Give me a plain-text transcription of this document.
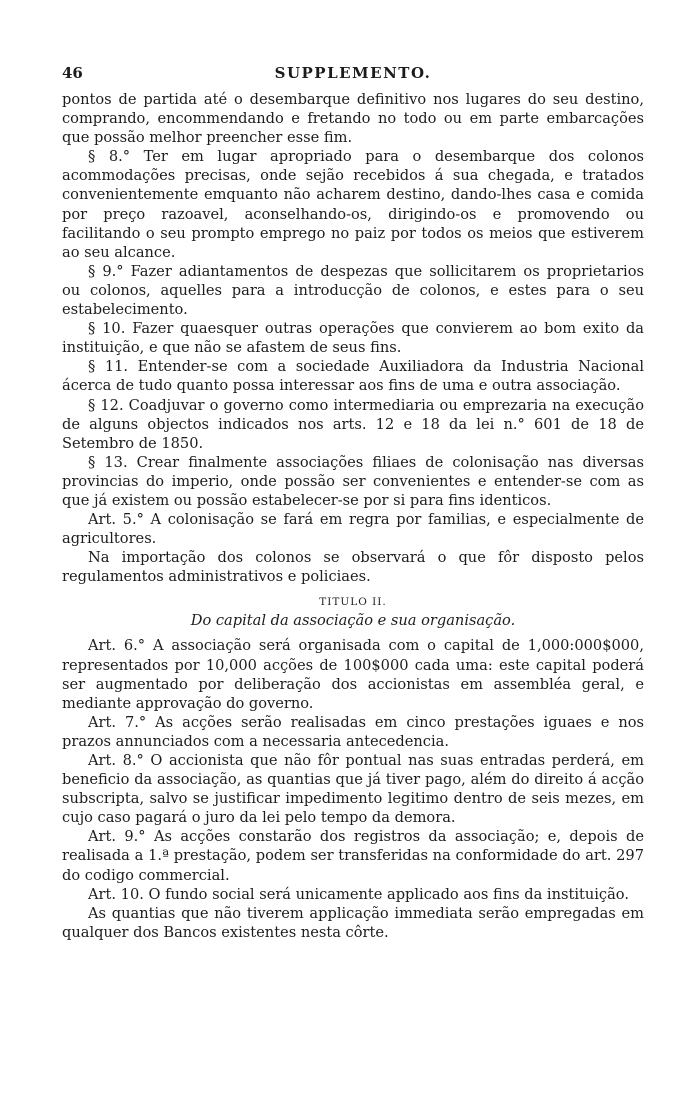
46	SUPPLEMENTO.

pontos de partida até o desembarque definitivo nos lugares do seu destino, comprando, encommendando e fretando no todo ou em parte embarcações que possão melhor preencher esse fim.

§ 8.° Ter em lugar apropriado para o desembarque dos colonos acommodações precisas, onde sejão recebidos á sua chegada, e tratados convenientemente emquanto não acharem destino, dando-lhes casa e comida por preço razoavel, aconselhando-os, dirigindo-os e promovendo ou facilitando o seu prompto emprego no paiz por todos os meios que estiverem ao seu alcance.

§ 9.° Fazer adiantamentos de despezas que sollicitarem os proprietarios ou colonos, aquelles para a introducção de colonos, e estes para o seu estabelecimento.

§ 10. Fazer quaesquer outras operações que convierem ao bom exito da instituição, e que não se afastem de seus fins.

§ 11. Entender-se com a sociedade Auxiliadora da Industria Nacional ácerca de tudo quanto possa interessar aos fins de uma e outra associação.

§ 12. Coadjuvar o governo como intermediaria ou emprezaria na execução de alguns objectos indicados nos arts. 12 e 18 da lei n.° 601 de 18 de Setembro de 1850.

§ 13. Crear finalmente associações filiaes de colonisação nas diversas provincias do imperio, onde possão ser convenientes e entender-se com as que já existem ou possão estabelecer-se por si para fins identicos.

Art. 5.° A colonisação se fará em regra por familias, e especialmente de agricultores.

Na importação dos colonos se observará o que fôr disposto pelos regulamentos administrativos e policiaes.

TITULO II.
Do capital da associação e sua organisação.

Art. 6.° A associação será organisada com o capital de 1,000:000$000, representados por 10,000 acções de 100$000 cada uma: este capital poderá ser augmentado por deliberação dos accionistas em assembléa geral, e mediante approvação do governo.

Art. 7.° As acções serão realisadas em cinco prestações iguaes e nos prazos annunciados com a necessaria antecedencia.

Art. 8.° O accionista que não fôr pontual nas suas entradas perderá, em beneficio da associação, as quantias que já tiver pago, além do direito á acção subscripta, salvo se justificar impedimento legitimo dentro de seis mezes, em cujo caso pagará o juro da lei pelo tempo da demora.

Art. 9.° As acções constarão dos registros da associação; e, depois de realisada a 1.ª prestação, podem ser transferidas na conformidade do art. 297 do codigo commercial.

Art. 10. O fundo social será unicamente applicado aos fins da instituição.

As quantias que não tiverem applicação immediata serão empregadas em qualquer dos Bancos existentes nesta côrte.
